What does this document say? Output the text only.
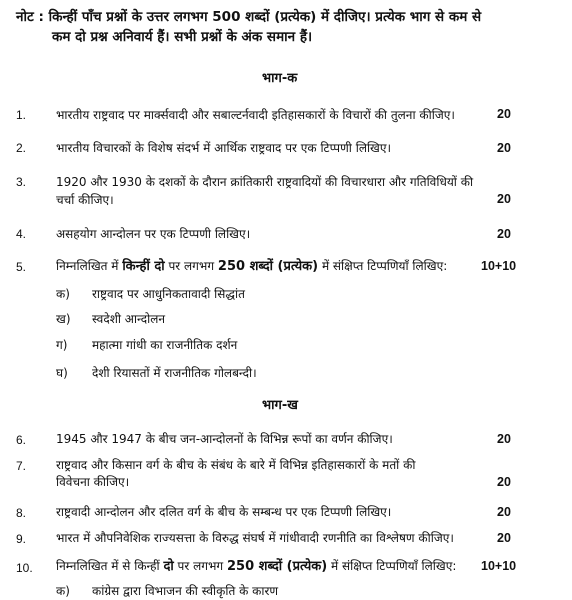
नोट : किन्हीं पाँच प्रश्नों के उत्तर लगभग 500 शब्दों (प्रत्येक) में दीजिए। प्रत्येक भाग से कम से
कम दो प्रश्न अनिवार्य हैं। सभी प्रश्नों के अंक समान हैं।
भाग-क
1. भारतीय राष्ट्रवाद पर मार्क्सवादी और सबाल्टर्नवादी इतिहासकारों के विचारों की तुलना कीजिए।	20
2. भारतीय विचारकों के विशेष संदर्भ में आर्थिक राष्ट्रवाद पर एक टिप्पणी लिखिए।	20
3. 1920 और 1930 के दशकों के दौरान क्रांतिकारी राष्ट्रवादियों की विचारधारा और गतिविधियों की
चर्चा कीजिए।	20
4. असहयोग आन्दोलन पर एक टिप्पणी लिखिए।	20
5. निम्नलिखित में किन्हीं दो पर लगभग 250 शब्दों (प्रत्येक) में संक्षिप्त टिप्पणियाँ लिखिए:	10+10
क) राष्ट्रवाद पर आधुनिकतावादी सिद्धांत
ख) स्वदेशी आन्दोलन
ग) महात्मा गांधी का राजनीतिक दर्शन
घ) देशी रियासतों में राजनीतिक गोलबन्दी।
भाग-ख
6. 1945 और 1947 के बीच जन-आन्दोलनों के विभिन्न रूपों का वर्णन कीजिए।	20
7. राष्ट्रवाद और किसान वर्ग के बीच के संबंध के बारे में विभिन्न इतिहासकारों के मतों की
विवेचना कीजिए।	20
8. राष्ट्रवादी आन्दोलन और दलित वर्ग के बीच के सम्बन्ध पर एक टिप्पणी लिखिए।	20
9. भारत में औपनिवेशिक राज्यसत्ता के विरुद्ध संघर्ष में गांधीवादी रणनीति का विश्लेषण कीजिए।	20
10. निम्नलिखित में से किन्हीं दो पर लगभग 250 शब्दों (प्रत्येक) में संक्षिप्त टिप्पणियाँ लिखिए: 10+10
क) कांग्रेस द्वारा विभाजन की स्वीकृति के कारण
